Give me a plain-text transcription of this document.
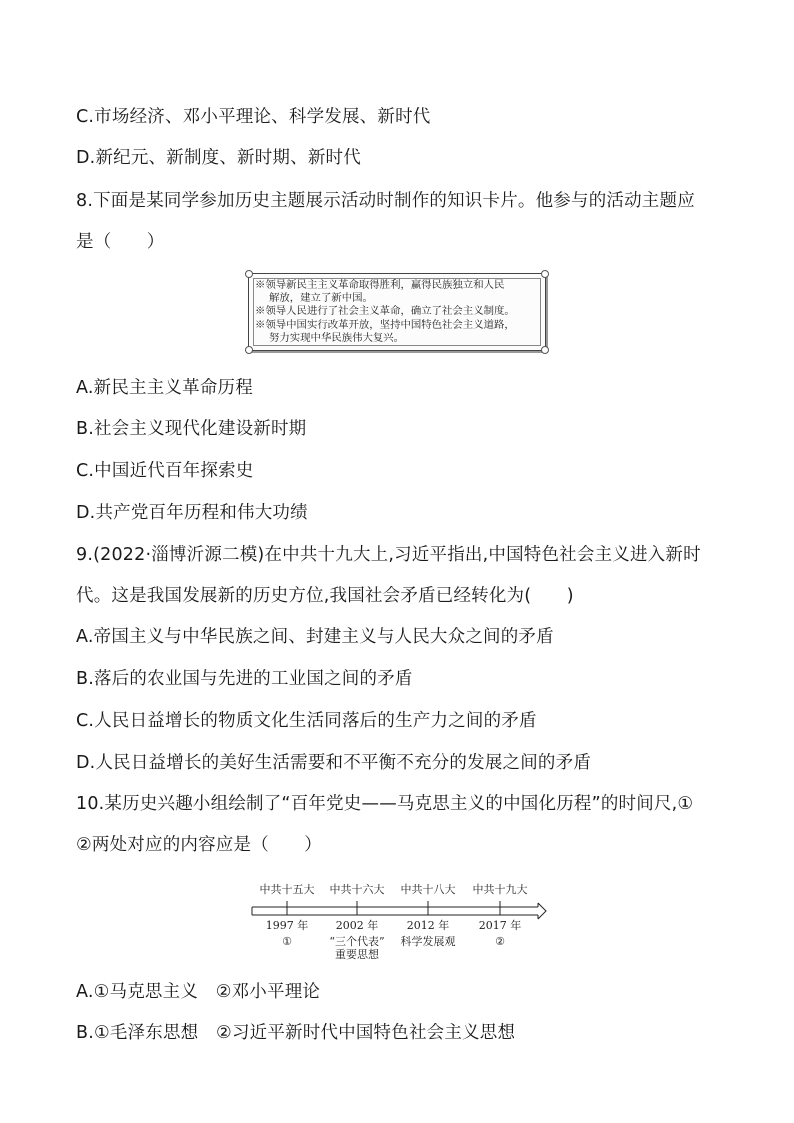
C.市场经济、邓小平理论、科学发展、新时代
D.新纪元、新制度、新时期、新时代
8.下面是某同学参加历史主题展示活动时制作的知识卡片。他参与的活动主题应
是（　　）
※领导新民主主义革命取得胜利，赢得民族独立和人民
解放，建立了新中国。
※领导人民进行了社会主义革命，确立了社会主义制度。
※领导中国实行改革开放，坚持中国特色社会主义道路，
努力实现中华民族伟大复兴。
A.新民主主义革命历程
B.社会主义现代化建设新时期
C.中国近代百年探索史
D.共产党百年历程和伟大功绩
9.(2022·淄博沂源二模)在中共十九大上,习近平指出,中国特色社会主义进入新时
代。这是我国发展新的历史方位,我国社会矛盾已经转化为(　　)
A.帝国主义与中华民族之间、封建主义与人民大众之间的矛盾
B.落后的农业国与先进的工业国之间的矛盾
C.人民日益增长的物质文化生活同落后的生产力之间的矛盾
D.人民日益增长的美好生活需要和不平衡不充分的发展之间的矛盾
10.某历史兴趣小组绘制了“百年党史——马克思主义的中国化历程”的时间尺,①
②两处对应的内容应是（　　）
中共十五大
1997 年
①
中共十六大
2002 年
“三个代表”
重要思想
中共十八大
2012 年
科学发展观
中共十九大
2017 年
②
A.①马克思主义　②邓小平理论
B.①毛泽东思想　②习近平新时代中国特色社会主义思想
